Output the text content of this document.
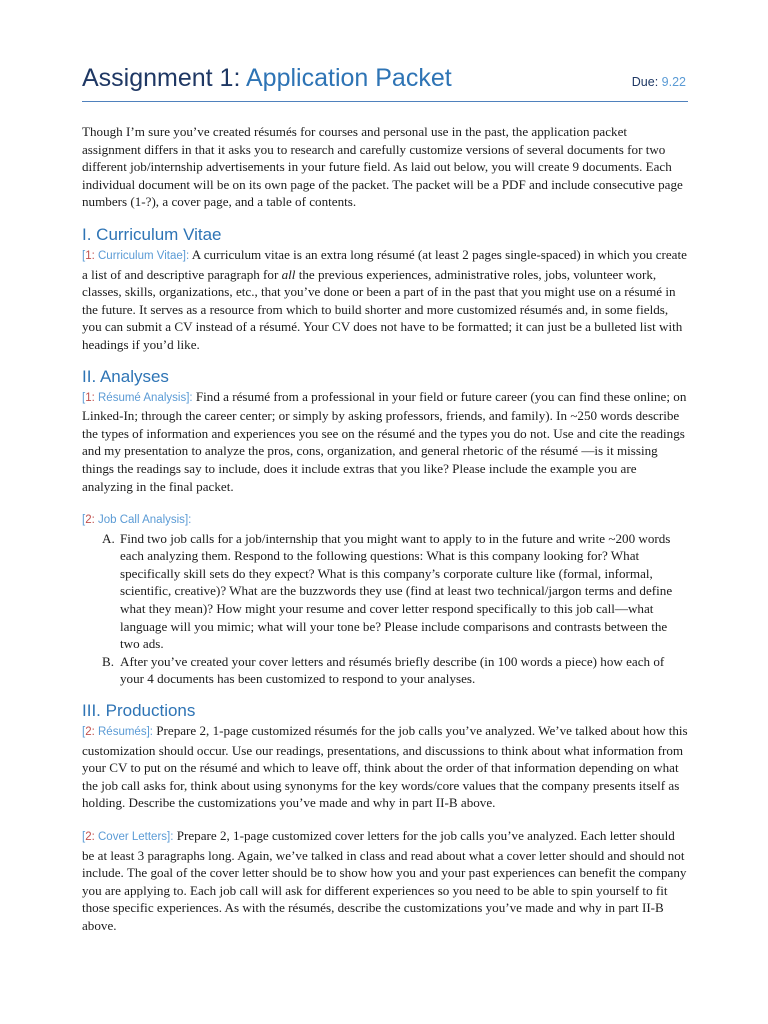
Assignment 1: Application Packet	Due: 9.22

Though I’m sure you’ve created résumés for courses and personal use in the past, the application packet assignment differs in that it asks you to research and carefully customize versions of several documents for two different job/internship advertisements in your future field. As laid out below, you will create 9 documents. Each individual document will be on its own page of the packet. The packet will be a PDF and include consecutive page numbers (1-?), a cover page, and a table of contents.

I. Curriculum Vitae

[1: Curriculum Vitae]: A curriculum vitae is an extra long résumé (at least 2 pages single-spaced) in which you create a list of and descriptive paragraph for all the previous experiences, administrative roles, jobs, volunteer work, classes, skills, organizations, etc., that you’ve done or been a part of in the past that you might use on a résumé in the future. It serves as a resource from which to build shorter and more customized résumés and, in some fields, you can submit a CV instead of a résumé. Your CV does not have to be formatted; it can just be a bulleted list with headings if you’d like.

II. Analyses

[1: Résumé Analysis]: Find a résumé from a professional in your field or future career (you can find these online; on Linked-In; through the career center; or simply by asking professors, friends, and family). In ~250 words describe the types of information and experiences you see on the résumé and the types you do not. Use and cite the readings and my presentation to analyze the pros, cons, organization, and general rhetoric of the résumé —is it missing things the readings say to include, does it include extras that you like? Please include the example you are analyzing in the final packet.

[2: Job Call Analysis]:

A. Find two job calls for a job/internship that you might want to apply to in the future and write ~200 words each analyzing them. Respond to the following questions: What is this company looking for? What specifically skill sets do they expect? What is this company’s corporate culture like (formal, informal, scientific, creative)? What are the buzzwords they use (find at least two technical/jargon terms and define what they mean)? How might your resume and cover letter respond specifically to this job call—what language will you mimic; what will your tone be? Please include comparisons and contrasts between the two ads.
B. After you’ve created your cover letters and résumés briefly describe (in 100 words a piece) how each of your 4 documents has been customized to respond to your analyses.

III. Productions

[2: Résumés]: Prepare 2, 1-page customized résumés for the job calls you’ve analyzed. We’ve talked about how this customization should occur. Use our readings, presentations, and discussions to think about what information from your CV to put on the résumé and which to leave off, think about the order of that information depending on what the job call asks for, think about using synonyms for the key words/core values that the company presents itself as holding. Describe the customizations you’ve made and why in part II-B above.

[2: Cover Letters]: Prepare 2, 1-page customized cover letters for the job calls you’ve analyzed. Each letter should be at least 3 paragraphs long. Again, we’ve talked in class and read about what a cover letter should and should not include. The goal of the cover letter should be to show how you and your past experiences can benefit the company you are applying to. Each job call will ask for different experiences so you need to be able to spin yourself to fit those specific experiences. As with the résumés, describe the customizations you’ve made and why in part II-B above.
